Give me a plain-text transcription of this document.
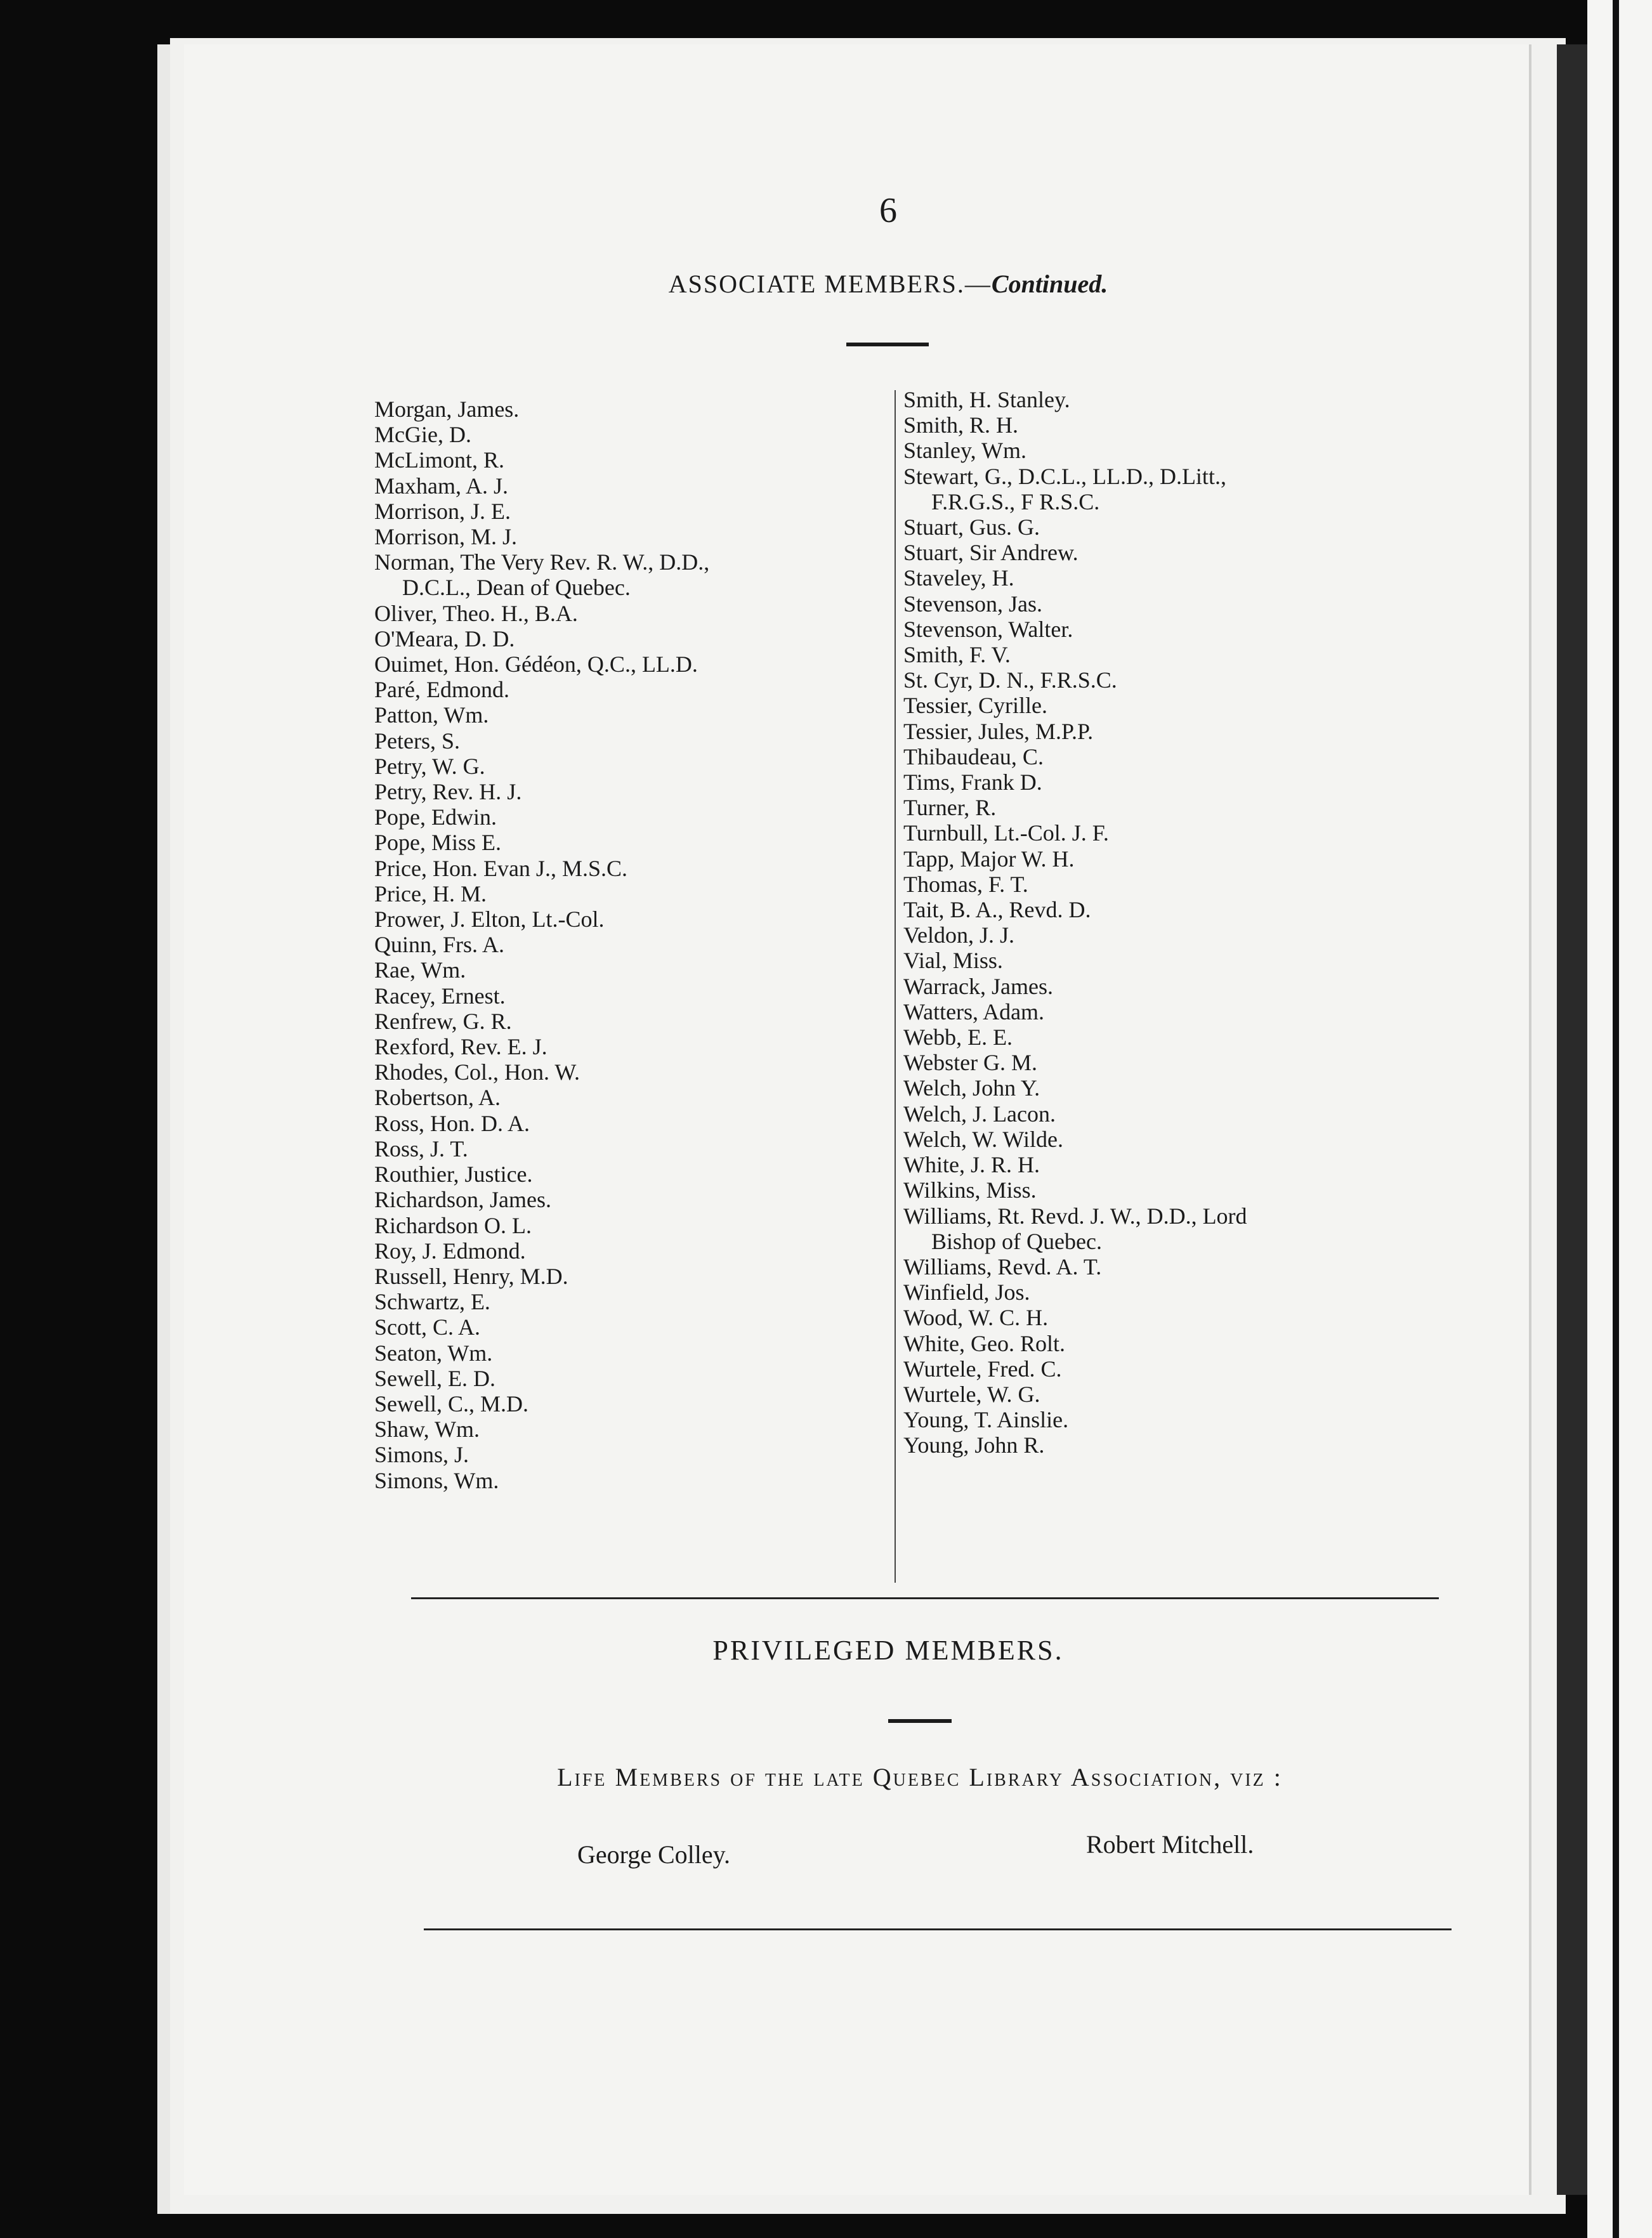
6
ASSOCIATE MEMBERS.—Continued.
Morgan, James.
McGie, D.
McLimont, R.
Maxham, A. J.
Morrison, J. E.
Morrison, M. J.
Norman, The Very Rev. R. W., D.D.,
D.C.L., Dean of Quebec.
Oliver, Theo. H., B.A.
O'Meara, D. D.
Ouimet, Hon. Gédéon, Q.C., LL.D.
Paré, Edmond.
Patton, Wm.
Peters, S.
Petry, W. G.
Petry, Rev. H. J.
Pope, Edwin.
Pope, Miss E.
Price, Hon. Evan J., M.S.C.
Price, H. M.
Prower, J. Elton, Lt.-Col.
Quinn, Frs. A.
Rae, Wm.
Racey, Ernest.
Renfrew, G. R.
Rexford, Rev. E. J.
Rhodes, Col., Hon. W.
Robertson, A.
Ross, Hon. D. A.
Ross, J. T.
Routhier, Justice.
Richardson, James.
Richardson O. L.
Roy, J. Edmond.
Russell, Henry, M.D.
Schwartz, E.
Scott, C. A.
Seaton, Wm.
Sewell, E. D.
Sewell, C., M.D.
Shaw, Wm.
Simons, J.
Simons, Wm.
Smith, H. Stanley.
Smith, R. H.
Stanley, Wm.
Stewart, G., D.C.L., LL.D., D.Litt.,
F.R.G.S., F R.S.C.
Stuart, Gus. G.
Stuart, Sir Andrew.
Staveley, H.
Stevenson, Jas.
Stevenson, Walter.
Smith, F. V.
St. Cyr, D. N., F.R.S.C.
Tessier, Cyrille.
Tessier, Jules, M.P.P.
Thibaudeau, C.
Tims, Frank D.
Turner, R.
Turnbull, Lt.-Col. J. F.
Tapp, Major W. H.
Thomas, F. T.
Tait, B. A., Revd. D.
Veldon, J. J.
Vial, Miss.
Warrack, James.
Watters, Adam.
Webb, E. E.
Webster G. M.
Welch, John Y.
Welch, J. Lacon.
Welch, W. Wilde.
White, J. R. H.
Wilkins, Miss.
Williams, Rt. Revd. J. W., D.D., Lord
Bishop of Quebec.
Williams, Revd. A. T.
Winfield, Jos.
Wood, W. C. H.
White, Geo. Rolt.
Wurtele, Fred. C.
Wurtele, W. G.
Young, T. Ainslie.
Young, John R.
PRIVILEGED MEMBERS.
Life Members of the late Quebec Library Association, viz :
George Colley.	Robert Mitchell.
